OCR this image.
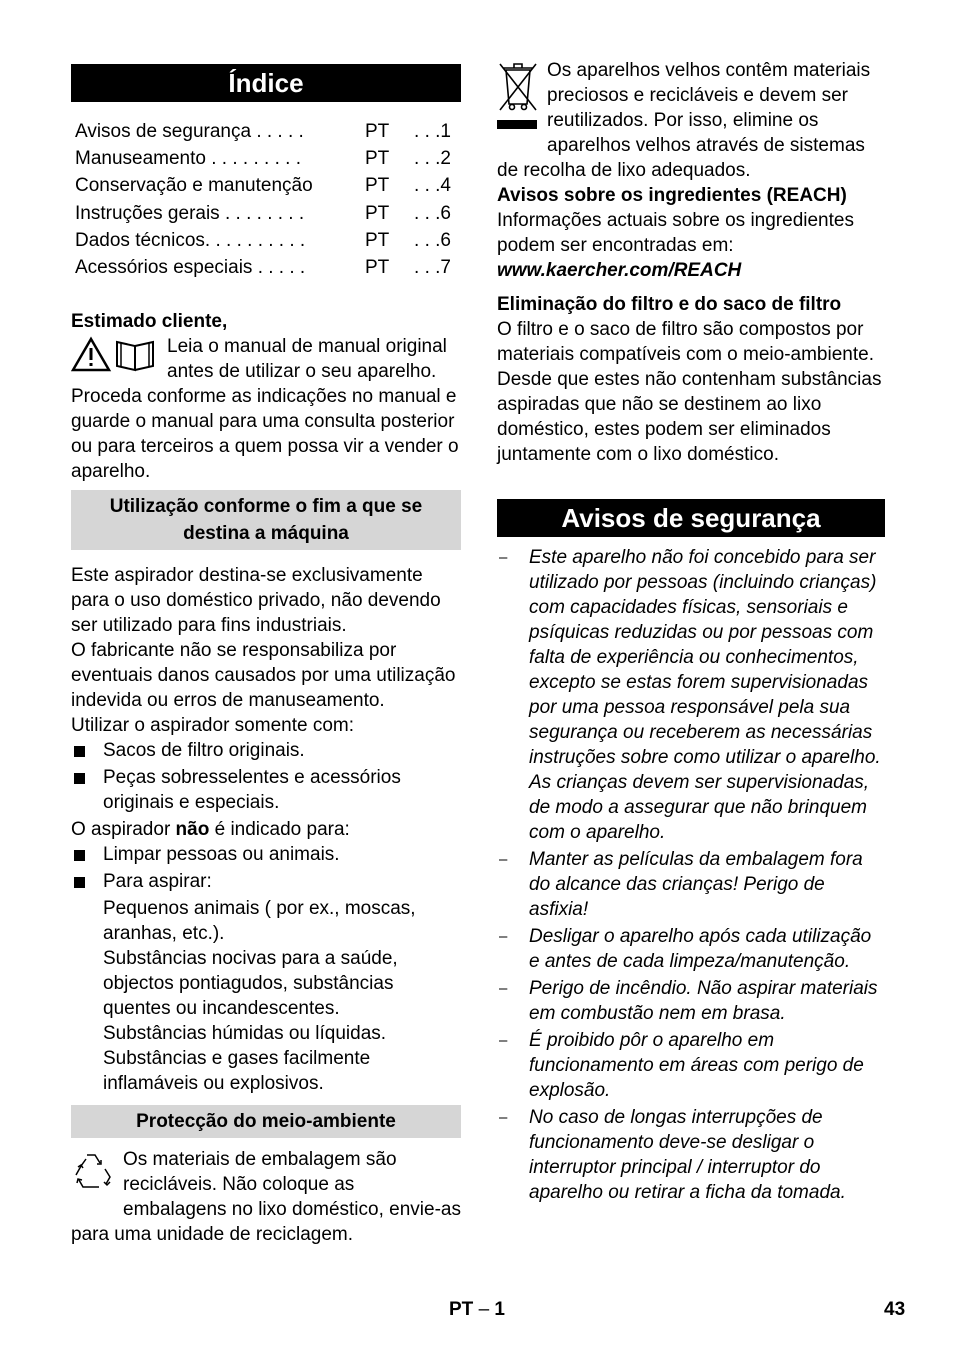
Índice
Avisos de segurança . . . . .	PT	. . .1
Manuseamento . . . . . . . . .	PT	. . .2
Conservação e manutenção	PT	. . .4
Instruções gerais . . . . . . . .	PT	. . .6
Dados técnicos. . . . . . . . . .	PT	. . .6
Acessórios especiais . . . . .	PT	. . .7

Estimado cliente,

Leia o manual de manual original antes de utilizar o seu aparelho. Proceda conforme as indicações no manual e guarde o manual para uma consulta posterior ou para terceiros a quem possa vir a vender o aparelho.

Utilização conforme o fim a que se destina a máquina

Este aspirador destina-se exclusivamente para o uso doméstico privado, não devendo ser utilizado para fins industriais.

O fabricante não se responsabiliza por eventuais danos causados por uma utilização indevida ou erros de manuseamento.

Utilizar o aspirador somente com:

Sacos de filtro originais.
Peças sobresselentes e acessórios originais e especiais.

O aspirador não é indicado para:

Limpar pessoas ou animais.
Para aspirar:

Pequenos animais ( por ex., moscas, aranhas, etc.).

Substâncias nocivas para a saúde, objectos pontiagudos, substâncias quentes ou incandescentes.

Substâncias húmidas ou líquidas.

Substâncias e gases facilmente inflamáveis ou explosivos.

Protecção do meio-ambiente

Os materiais de embalagem são recicláveis. Não coloque as embalagens no lixo doméstico, envie-as para uma unidade de reciclagem.

Os aparelhos velhos contêm materiais preciosos e recicláveis e devem ser reutilizados. Por isso, elimine os aparelhos velhos através de sistemas de recolha de lixo adequados.

Avisos sobre os ingredientes (REACH)

Informações actuais sobre os ingredientes podem ser encontradas em:

www.kaercher.com/REACH

Eliminação do filtro e do saco de filtro

O filtro e o saco de filtro são compostos por materiais compatíveis com o meio-ambiente.

Desde que estes não contenham substâncias aspiradas que não se destinem ao lixo doméstico, estes podem ser eliminados juntamente com o lixo doméstico.

Avisos de segurança
– Este aparelho não foi concebido para ser utilizado por pessoas (incluindo crianças) com capacidades físicas, sensoriais e psíquicas reduzidas ou por pessoas com falta de experiência ou conhecimentos, excepto se estas forem supervisionadas por uma pessoa responsável pela sua segurança ou receberem as necessárias instruções sobre como utilizar o aparelho. As crianças devem ser supervisionadas, de modo a assegurar que não brinquem com o aparelho.
– Manter as películas da embalagem fora do alcance das crianças! Perigo de asfixia!
– Desligar o aparelho após cada utilização e antes de cada limpeza/manutenção.
– Perigo de incêndio. Não aspirar materiais em combustão nem em brasa.
– É proibido pôr o aparelho em funcionamento em áreas com perigo de explosão.
– No caso de longas interrupções de funcionamento deve-se desligar o interruptor principal / interruptor do aparelho ou retirar a ficha da tomada.
PT – 1	43
